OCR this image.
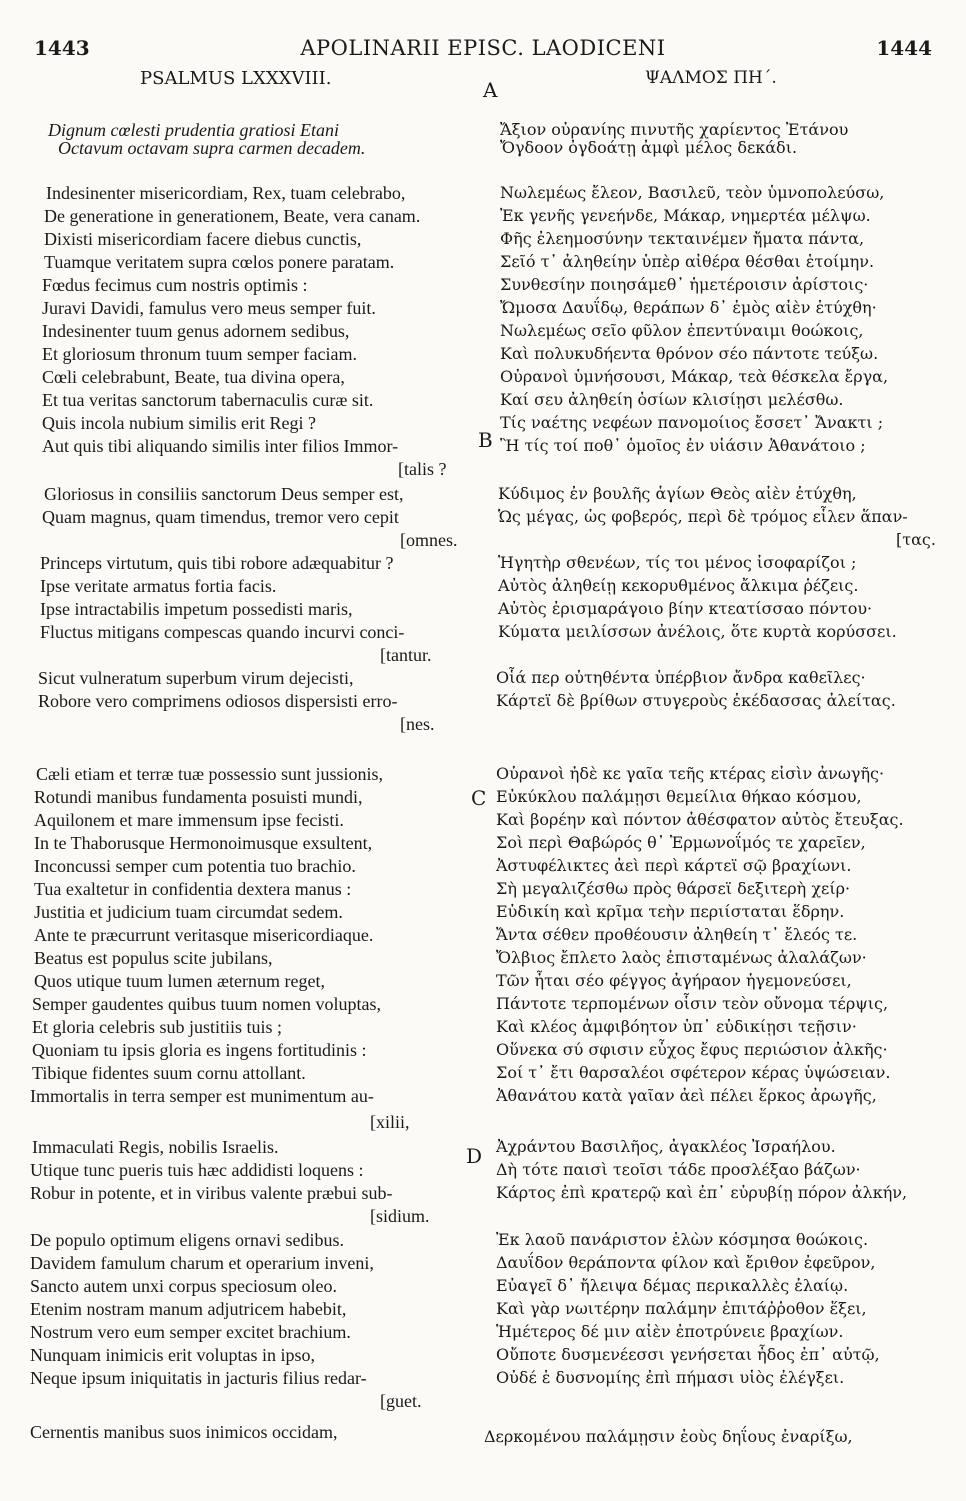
1443	APOLINARII EPISC. LAODICENI	1444
PSALMUS LXXXVIII.	ΨΑΛΜΟΣ ΠΗ΄.
A
B
C
D
Dignum cœlesti prudentia gratiosi Etani
Octavum octavam supra carmen decadem.
Indesinenter misericordiam, Rex, tuam celebrabo,
De generatione in generationem, Beate, vera canam.
Dixisti misericordiam facere diebus cunctis,
Tuamque veritatem supra cœlos ponere paratam.
Fœdus fecimus cum nostris optimis :
Juravi Davidi, famulus vero meus semper fuit.
Indesinenter tuum genus adornem sedibus,
Et gloriosum thronum tuum semper faciam.
Cœli celebrabunt, Beate, tua divina opera,
Et tua veritas sanctorum tabernaculis curæ sit.
Quis incola nubium similis erit Regi ?
Aut quis tibi aliquando similis inter filios Immor-
[talis ?
Gloriosus in consiliis sanctorum Deus semper est,
Quam magnus, quam timendus, tremor vero cepit
[omnes.
Princeps virtutum, quis tibi robore adæquabitur ?
Ipse veritate armatus fortia facis.
Ipse intractabilis impetum possedisti maris,
Fluctus mitigans compescas quando incurvi conci-
[tantur.
Sicut vulneratum superbum virum dejecisti,
Robore vero comprimens odiosos dispersisti erro-
[nes.
Cæli etiam et terræ tuæ possessio sunt jussionis,
Rotundi manibus fundamenta posuisti mundi,
Aquilonem et mare immensum ipse fecisti.
In te Thaborusque Hermonoimusque exsultent,
Inconcussi semper cum potentia tuo brachio.
Tua exaltetur in confidentia dextera manus :
Justitia et judicium tuam circumdat sedem.
Ante te præcurrunt veritasque misericordiaque.
Beatus est populus scite jubilans,
Quos utique tuum lumen æternum reget,
Semper gaudentes quibus tuum nomen voluptas,
Et gloria celebris sub justitiis tuis ;
Quoniam tu ipsis gloria es ingens fortitudinis :
Tibique fidentes suum cornu attollant.
Immortalis in terra semper est munimentum au-
[xilii,
Immaculati Regis, nobilis Israelis.
Utique tunc pueris tuis hæc addidisti loquens :
Robur in potente, et in viribus valente præbui sub-
[sidium.
De populo optimum eligens ornavi sedibus.
Davidem famulum charum et operarium inveni,
Sancto autem unxi corpus speciosum oleo.
Etenim nostram manum adjutricem habebit,
Nostrum vero eum semper excitet brachium.
Nunquam inimicis erit voluptas in ipso,
Neque ipsum iniquitatis in jacturis filius redar-
[guet.
Cernentis manibus suos inimicos occidam,
Ἄξιον οὐρανίης πινυτῆς χαρίεντος Ἐτάνου
Ὄγδοον ὀγδοάτῃ ἀμφὶ μέλος δεκάδι.
Νωλεμέως ἔλεον, Βασιλεῦ, τεὸν ὑμνοπολεύσω,
Ἐκ γενῆς γενεήνδε, Μάκαρ, νημερτέα μέλψω.
Φῆς ἐλεημοσύνην τεκταινέμεν ἤματα πάντα,
Σεῖό τ᾽ ἀληθείην ὑπὲρ αἰθέρα θέσθαι ἑτοίμην.
Συνθεσίην ποιησάμεθ᾽ ἡμετέροισιν ἀρίστοις·
Ὤμοσα Δαυΐδῳ, θεράπων δ᾽ ἐμὸς αἰὲν ἐτύχθη·
Νωλεμέως σεῖο φῦλον ἐπεντύναιμι θοώκοις,
Καὶ πολυκυδήεντα θρόνον σέο πάντοτε τεύξω.
Οὐρανοὶ ὑμνήσουσι, Μάκαρ, τεὰ θέσκελα ἔργα,
Καί σευ ἀληθείη ὁσίων κλισίῃσι μελέσθω.
Τίς ναέτης νεφέων πανομοίιος ἔσσετ᾽ Ἄνακτι ;
Ἢ τίς τοί ποθ᾽ ὁμοῖος ἐν υἱάσιν Ἀθανάτοιο ;
Κύδιμος ἐν βουλῆς ἁγίων Θεὸς αἰὲν ἐτύχθη,
Ὡς μέγας, ὡς φοβερός, περὶ δὲ τρόμος εἷλεν ἅπαν-
[τας.
Ἡγητὴρ σθενέων, τίς τοι μένος ἰσοφαρίζοι ;
Αὐτὸς ἀληθείῃ κεκορυθμένος ἄλκιμα ῥέζεις.
Αὐτὸς ἐρισμαράγοιο βίην κτεατίσσαο πόντου·
Κύματα μειλίσσων ἀνέλοις, ὅτε κυρτὰ κορύσσει.
Οἷά περ οὐτηθέντα ὑπέρβιον ἄνδρα καθεῖλες·
Κάρτεϊ δὲ βρίθων στυγεροὺς ἐκέδασσας ἀλείτας.
Οὐρανοὶ ἠδὲ κε γαῖα τεῆς κτέρας εἰσὶν ἀνωγῆς·
Εὐκύκλου παλάμῃσι θεμείλια θήκαο κόσμου,
Καὶ βορέην καὶ πόντον ἀθέσφατον αὐτὸς ἔτευξας.
Σοὶ περὶ Θαβώρός θ᾽ Ἑρμωνοΐμός τε χαρεῖεν,
Ἀστυφέλικτες ἀεὶ περὶ κάρτεϊ σῷ βραχίωνι.
Σὴ μεγαλιζέσθω πρὸς θάρσεϊ δεξιτερὴ χείρ·
Εὐδικίη καὶ κρῖμα τεὴν περιίσταται ἕδρην.
Ἄντα σέθεν προθέουσιν ἀληθείη τ᾽ ἔλεός τε.
Ὄλβιος ἔπλετο λαὸς ἐπισταμένως ἀλαλάζων·
Τῶν ἦται σέο φέγγος ἀγήραον ἡγεμονεύσει,
Πάντοτε τερπομένων οἷσιν τεὸν οὔνομα τέρψις,
Καὶ κλέος ἀμφιβόητον ὑπ᾽ εὐδικίῃσι τεῇσιν·
Οὕνεκα σύ σφισιν εὖχος ἔφυς περιώσιον ἀλκῆς·
Σοί τ᾽ ἔτι θαρσαλέοι σφέτερον κέρας ὑψώσειαν.
Ἀθανάτου κατὰ γαῖαν ἀεὶ πέλει ἕρκος ἀρωγῆς,
Ἀχράντου Βασιλῆος, ἀγακλέος Ἰσραήλου.
Δὴ τότε παισὶ τεοῖσι τάδε προσλέξαο βάζων·
Κάρτος ἐπὶ κρατερῷ καὶ ἐπ᾽ εὐρυβίῃ πόρον ἀλκήν,
Ἐκ λαοῦ πανάριστον ἑλὼν κόσμησα θοώκοις.
Δαυΐδον θεράποντα φίλον καὶ ἔριθον ἐφεῦρον,
Εὐαγεῖ δ᾽ ἤλειψα δέμας περικαλλὲς ἐλαίῳ.
Καὶ γὰρ νωιτέρην παλάμην ἐπιτάῤῥοθον ἕξει,
Ἡμέτερος δέ μιν αἰὲν ἐποτρύνειε βραχίων.
Οὔποτε δυσμενέεσσι γενήσεται ἦδος ἐπ᾽ αὐτῷ,
Οὐδέ ἑ δυσνομίης ἐπὶ πήμασι υἱὸς ἐλέγξει.
Δερκομένου παλάμῃσιν ἑοὺς δηΐους ἐναρίξω,
